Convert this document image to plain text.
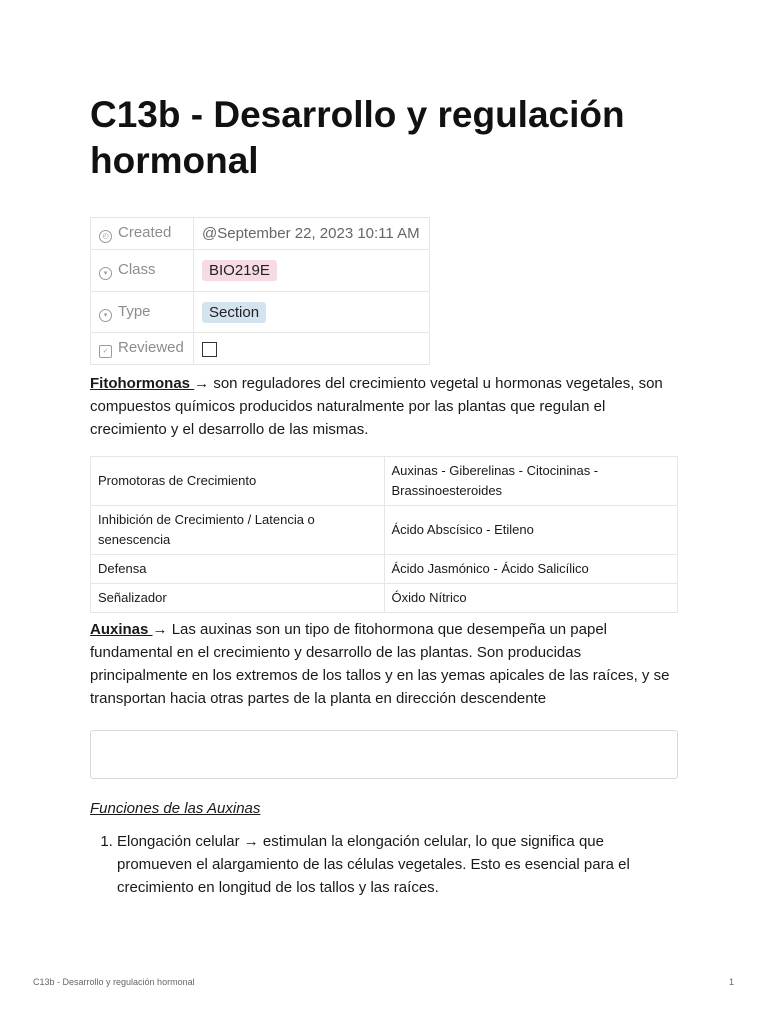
C13b - Desarrollo y regulación hormonal
◴ Created	@September 22, 2023 10:11 AM
▾ Class	BIO219E
▾ Type	Section
✓ Reviewed	

Fitohormonas → son reguladores del crecimiento vegetal u hormonas vegetales, son compuestos químicos producidos naturalmente por las plantas que regulan el crecimiento y el desarrollo de las mismas.

Promotoras de Crecimiento	Auxinas - Giberelinas - Citocininas - Brassinoesteroides
Inhibición de Crecimiento / Latencia o senescencia	Ácido Abscísico - Etileno
Defensa	Ácido Jasmónico - Ácido Salicílico
Señalizador	Óxido Nítrico

Auxinas → Las auxinas son un tipo de fitohormona que desempeña un papel fundamental en el crecimiento y desarrollo de las plantas. Son producidas principalmente en los extremos de los tallos y en las yemas apicales de las raíces, y se transportan hacia otras partes de la planta en dirección descendente

Funciones de las Auxinas

1. Elongación celular → estimulan la elongación celular, lo que significa que promueven el alargamiento de las células vegetales. Esto es esencial para el crecimiento en longitud de los tallos y las raíces.
C13b - Desarrollo y regulación hormonal	1
